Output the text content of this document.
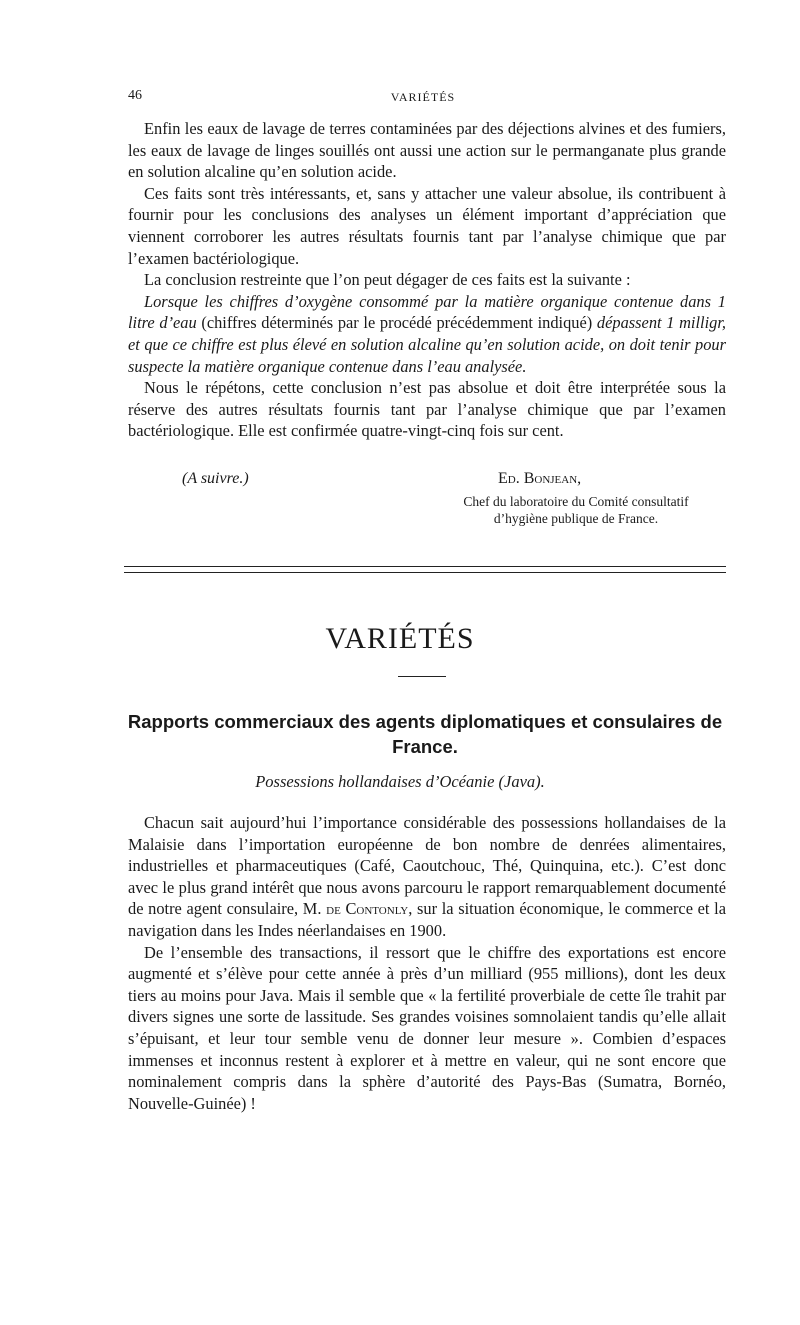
46	VARIÉTÉS

Enfin les eaux de lavage de terres contaminées par des déjections alvines et des fumiers, les eaux de lavage de linges souillés ont aussi une action sur le permanganate plus grande en solution alcaline qu’en solution acide.

Ces faits sont très intéressants, et, sans y attacher une valeur absolue, ils contribuent à fournir pour les conclusions des analyses un élément important d’appréciation que viennent corroborer les autres résultats fournis tant par l’analyse chimique que par l’examen bactériologique.

La conclusion restreinte que l’on peut dégager de ces faits est la suivante :

Lorsque les chiffres d’oxygène consommé par la matière organique contenue dans 1 litre d’eau (chiffres déterminés par le procédé précédemment indiqué) dépassent 1 milligr, et que ce chiffre est plus élevé en solution alcaline qu’en solution acide, on doit tenir pour suspecte la matière organique contenue dans l’eau analysée.

Nous le répétons, cette conclusion n’est pas absolue et doit être interprétée sous la réserve des autres résultats fournis tant par l’analyse chimique que par l’examen bactériologique. Elle est confirmée quatre-vingt-cinq fois sur cent.

(A suivre.)	Ed. Bonjean,
Chef du laboratoire du Comité consultatif
d’hygiène publique de France.
VARIÉTÉS
Rapports commerciaux des agents diplomatiques et consulaires de France.
Possessions hollandaises d’Océanie (Java).

Chacun sait aujourd’hui l’importance considérable des possessions hollandaises de la Malaisie dans l’importation européenne de bon nombre de denrées alimentaires, industrielles et pharmaceutiques (Café, Caoutchouc, Thé, Quinquina, etc.). C’est donc avec le plus grand intérêt que nous avons parcouru le rapport remarquablement documenté de notre agent consulaire, M. de Contonly, sur la situation économique, le commerce et la navigation dans les Indes néerlandaises en 1900.

De l’ensemble des transactions, il ressort que le chiffre des exportations est encore augmenté et s’élève pour cette année à près d’un milliard (955 millions), dont les deux tiers au moins pour Java. Mais il semble que « la fertilité proverbiale de cette île trahit par divers signes une sorte de lassitude. Ses grandes voisines somnolaient tandis qu’elle allait s’épuisant, et leur tour semble venu de donner leur mesure ». Combien d’espaces immenses et inconnus restent à explorer et à mettre en valeur, qui ne sont encore que nominalement compris dans la sphère d’autorité des Pays-Bas (Sumatra, Bornéo, Nouvelle-Guinée) !
